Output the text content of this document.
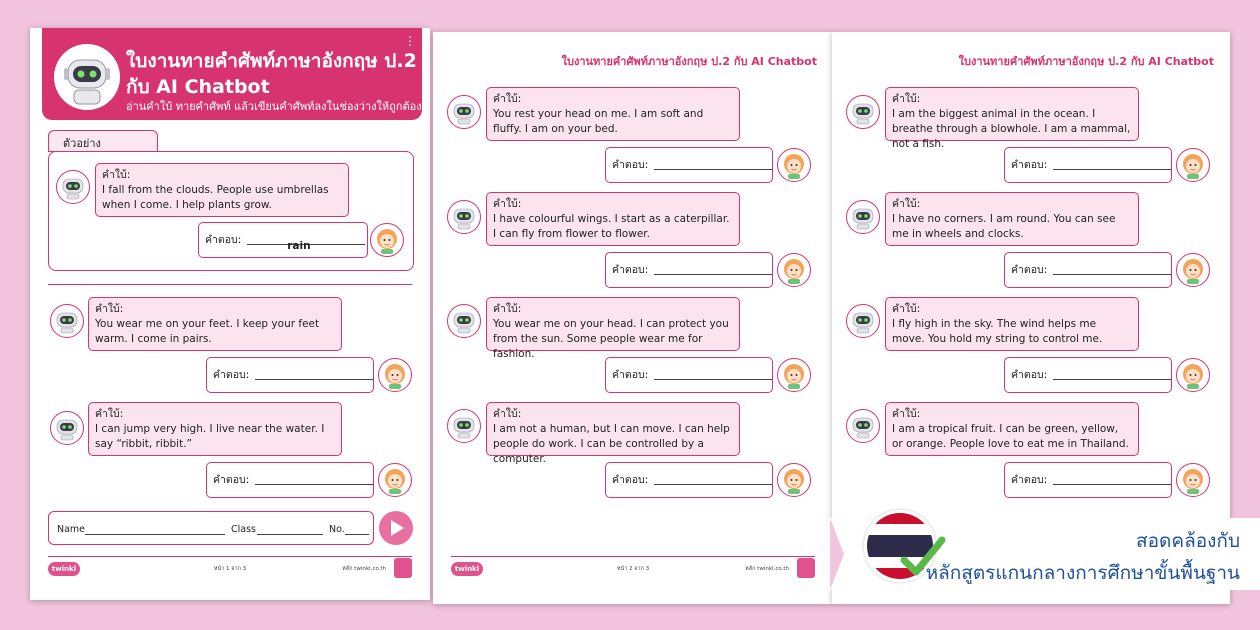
ใบงานทายคำศัพท์ภาษาอังกฤษ ป.2
กับ AI Chatbot
อ่านคำใบ้ ทายคำศัพท์ แล้วเขียนคำศัพท์ลงในช่องว่างให้ถูกต้อง
⋮
ตัวอย่าง
คำใบ้:
I fall from the clouds. People use umbrellas when I come. I help plants grow.
คำตอบ:	rain
คำใบ้:
You wear me on your feet. I keep your feet warm. I come in pairs.
คำตอบ:
คำใบ้:
I can jump very high. I live near the water. I say “ribbit, ribbit.”
คำตอบ:
Name	Class	No.
twinkl	หน้า 1 จาก 3	หลัก twinkl.co.th
ใบงานทายคำศัพท์ภาษาอังกฤษ ป.2 กับ AI Chatbot
คำใบ้:
You rest your head on me. I am soft and fluffy. I am on your bed.
คำตอบ:
คำใบ้:
I have colourful wings. I start as a caterpillar. I can fly from flower to flower.
คำตอบ:
คำใบ้:
You wear me on your head. I can protect you from the sun. Some people wear me for fashion.
คำตอบ:
คำใบ้:
I am not a human, but I can move. I can help people do work. I can be controlled by a computer.
คำตอบ:
twinkl	หน้า 2 จาก 3	หลัก twinkl.co.th
ใบงานทายคำศัพท์ภาษาอังกฤษ ป.2 กับ AI Chatbot
คำใบ้:
I am the biggest animal in the ocean. I breathe through a blowhole. I am a mammal, not a fish.
คำตอบ:
คำใบ้:
I have no corners. I am round. You can see me in wheels and clocks.
คำตอบ:
คำใบ้:
I fly high in the sky. The wind helps me move. You hold my string to control me.
คำตอบ:
คำใบ้:
I am a tropical fruit. I can be green, yellow, or orange. People love to eat me in Thailand.
คำตอบ:
สอดคล้องกับ
หลักสูตรแกนกลางการศึกษาขั้นพื้นฐาน
